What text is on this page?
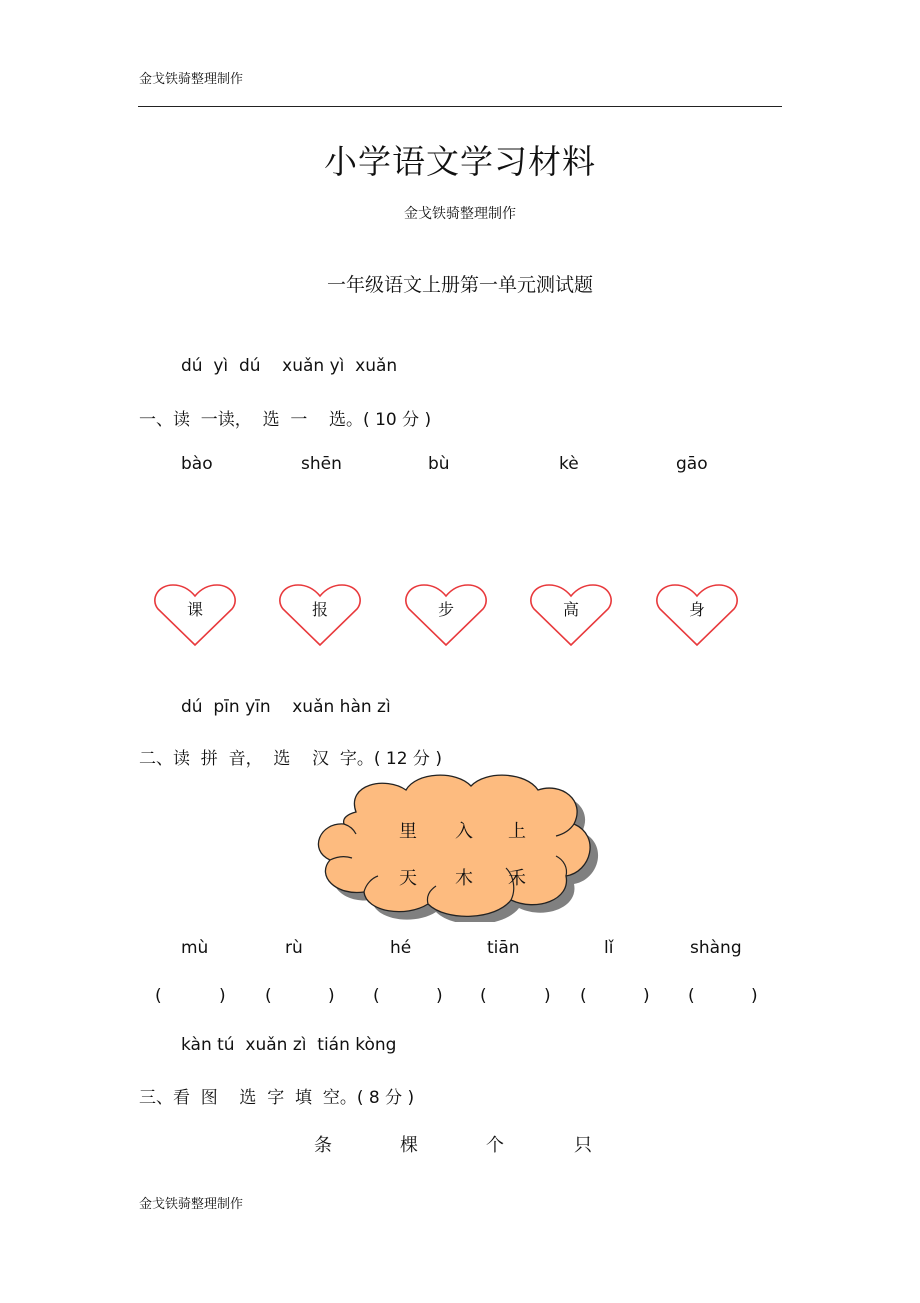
金戈铁骑整理制作
小学语文学习材料
金戈铁骑整理制作
一年级语文上册第一单元测试题
dú  yì  dú    xuǎn yì  xuǎn
一、读  一读，  选  一    选。( 10 分 )
bào	shēn	bù	kè	gāo
课	报	步	高	身
dú  pīn yīn    xuǎn hàn zì
二、读  拼  音，  选    汉  字。( 12 分 )
里 入 上
天 木 禾
mù	rù	hé	tiān	lǐ	shàng
(	) (	) (	) (	) (	) (	)
kàn tú  xuǎn zì  tián kòng
三、看  图    选  字  填  空。( 8 分 )
条	棵	个	只
金戈铁骑整理制作
